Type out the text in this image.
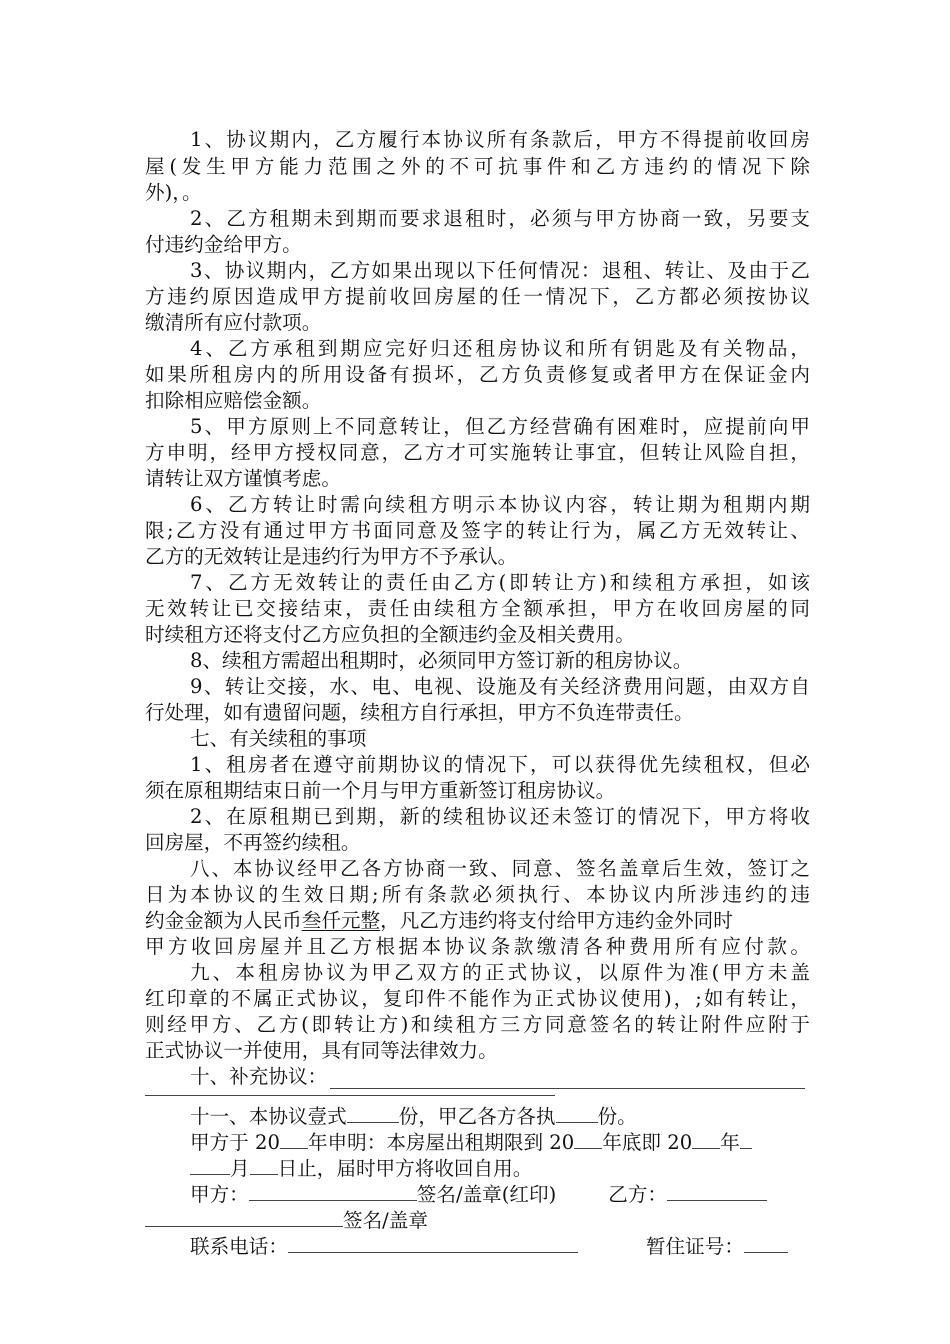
1、协议期内，乙方履行本协议所有条款后，甲方不得提前收回房
屋(发生甲方能力范围之外的不可抗事件和乙方违约的情况下除
外)，。
2、乙方租期未到期而要求退租时，必须与甲方协商一致，另要支
付违约金给甲方。
3、协议期内，乙方如果出现以下任何情况：退租、转让、及由于乙
方违约原因造成甲方提前收回房屋的任一情况下，乙方都必须按协议
缴清所有应付款项。
4、乙方承租到期应完好归还租房协议和所有钥匙及有关物品，
如果所租房内的所用设备有损坏，乙方负责修复或者甲方在保证金内
扣除相应赔偿金额。
5、甲方原则上不同意转让，但乙方经营确有困难时，应提前向甲
方申明，经甲方授权同意，乙方才可实施转让事宜，但转让风险自担，
请转让双方谨慎考虑。
6、乙方转让时需向续租方明示本协议内容，转让期为租期内期
限;乙方没有通过甲方书面同意及签字的转让行为，属乙方无效转让、
乙方的无效转让是违约行为甲方不予承认。
7、乙方无效转让的责任由乙方(即转让方)和续租方承担，如该
无效转让已交接结束，责任由续租方全额承担，甲方在收回房屋的同
时续租方还将支付乙方应负担的全额违约金及相关费用。
8、续租方需超出租期时，必须同甲方签订新的租房协议。
9、转让交接，水、电、电视、设施及有关经济费用问题，由双方自
行处理，如有遗留问题，续租方自行承担，甲方不负连带责任。
七、有关续租的事项
1、租房者在遵守前期协议的情况下，可以获得优先续租权，但必
须在原租期结束日前一个月与甲方重新签订租房协议。
2、在原租期已到期，新的续租协议还未签订的情况下，甲方将收
回房屋，不再签约续租。
八、本协议经甲乙各方协商一致、同意、签名盖章后生效，签订之
日为本协议的生效日期;所有条款必须执行、本协议内所涉违约的违
约金金额为人民币叁仟元整，凡乙方违约将支付给甲方违约金外同时
甲方收回房屋并且乙方根据本协议条款缴清各种费用所有应付款。
九、本租房协议为甲乙双方的正式协议，以原件为准(甲方未盖
红印章的不属正式协议，复印件不能作为正式协议使用)，;如有转让，
则经甲方、乙方(即转让方)和续租方三方同意签名的转让附件应附于
正式协议一并使用，具有同等法律效力。
十、补充协议：
十一、本协议壹式	份，甲乙各方各执 份。
甲方于 20 年申明：本房屋出租期限到 20 年底即 20 年
月 日止，届时甲方将收回自用。
甲方：	签名/盖章(红印)	乙方：
签名/盖章
联系电话：	暂住证号：
